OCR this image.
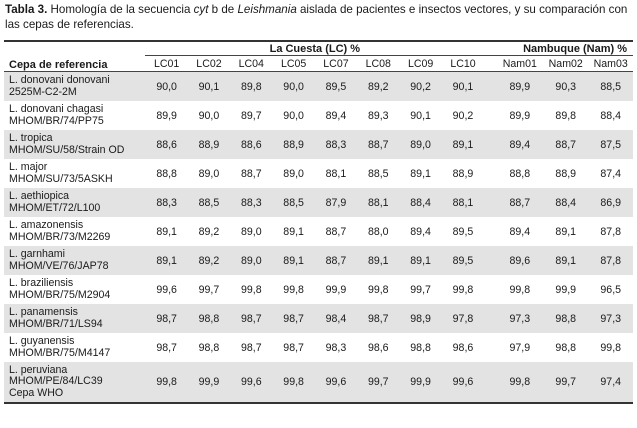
Tabla 3. Homología de la secuencia cyt b de Leishmania aislada de pacientes e insectos vectores, y su comparación con las cepas de referencias.
Cepa de referencia	La Cuesta (LC) %									Nambuque (Nam) %		
	LC01	LC02	LC04	LC05	LC07	LC08	LC09	LC10		Nam01	Nam02	Nam03

L. donovani donovani
2525M-C2-2M	90,0	90,1	89,8	90,0	89,5	89,2	90,2	90,1		89,9	90,3	88,5

L. donovani chagasi
MHOM/BR/74/PP75	89,9	90,0	89,7	90,0	89,4	89,3	90,1	90,2		89,9	89,8	88,4

L. tropica
MHOM/SU/58/Strain OD	88,6	88,9	88,6	88,9	88,3	88,7	89,0	89,1		89,4	88,7	87,5

L. major
MHOM/SU/73/5ASKH	88,8	89,0	88,7	89,0	88,1	88,5	89,1	88,9		88,8	88,9	87,4

L. aethiopica
MHOM/ET/72/L100	88,3	88,5	88,3	88,5	87,9	88,1	88,4	88,1		88,7	88,4	86,9

L. amazonensis
MHOM/BR/73/M2269	89,1	89,2	89,0	89,1	88,7	88,0	89,4	89,5		89,4	89,1	87,8

L. garnhami
MHOM/VE/76/JAP78	89,1	89,2	89,0	89,1	88,7	89,1	89,1	89,5		89,6	89,1	87,8

L. braziliensis
MHOM/BR/75/M2904	99,6	99,7	99,8	99,8	99,9	99,8	99,7	99,8		99,8	99,9	96,5

L. panamensis
MHOM/BR/71/LS94	98,7	98,8	98,7	98,7	98,4	98,7	98,9	97,8		97,3	98,8	97,3

L. guyanensis
MHOM/BR/75/M4147	98,7	98,8	98,7	98,7	98,3	98,6	98,8	98,6		97,9	98,8	99,8

L. peruviana
MHOM/PE/84/LC39
Cepa WHO	99,8	99,9	99,6	99,8	99,6	99,7	99,9	99,6		99,8	99,7	97,4
